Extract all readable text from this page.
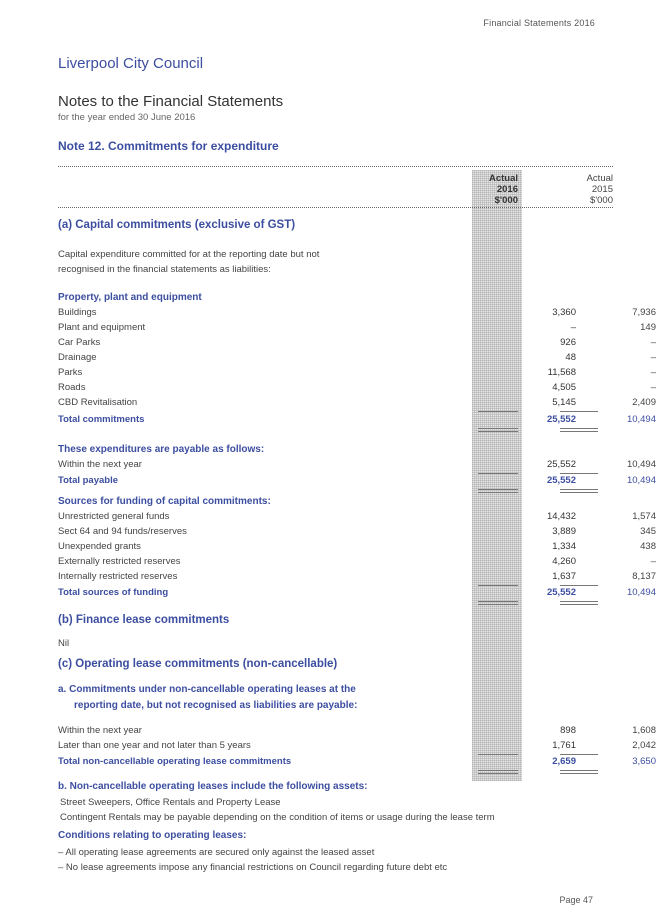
Financial Statements 2016
Liverpool City Council
Notes to the Financial Statements
for the year ended 30 June 2016
Note 12. Commitments for expenditure
Actual
2016
$'000
Actual
2015
$'000
(a) Capital commitments (exclusive of GST)
Capital expenditure committed for at the reporting date but not
recognised in the financial statements as liabilities:
Property, plant and equipment
Buildings	3,360	7,936
Plant and equipment	–	149
Car Parks	926	–
Drainage	48	–
Parks	11,568	–
Roads	4,505	–
CBD Revitalisation	5,145	2,409
Total commitments	25,552	10,494
These expenditures are payable as follows:
Within the next year	25,552	10,494
Total payable	25,552	10,494
Sources for funding of capital commitments:
Unrestricted general funds	14,432	1,574
Sect 64 and 94 funds/reserves	3,889	345
Unexpended grants	1,334	438
Externally restricted reserves	4,260	–
Internally restricted reserves	1,637	8,137
Total sources of funding	25,552	10,494
(b) Finance lease commitments
Nil
(c) Operating lease commitments (non-cancellable)
a. Commitments under non-cancellable operating leases at the
reporting date, but not recognised as liabilities are payable:
Within the next year	898	1,608
Later than one year and not later than 5 years	1,761	2,042
Total non-cancellable operating lease commitments	2,659	3,650
b. Non-cancellable operating leases include the following assets:
Street Sweepers, Office Rentals and Property Lease
Contingent Rentals may be payable depending on the condition of items or usage during the lease term
Conditions relating to operating leases:
– All operating lease agreements are secured only against the leased asset
– No lease agreements impose any financial restrictions on Council regarding future debt etc
Page 47
